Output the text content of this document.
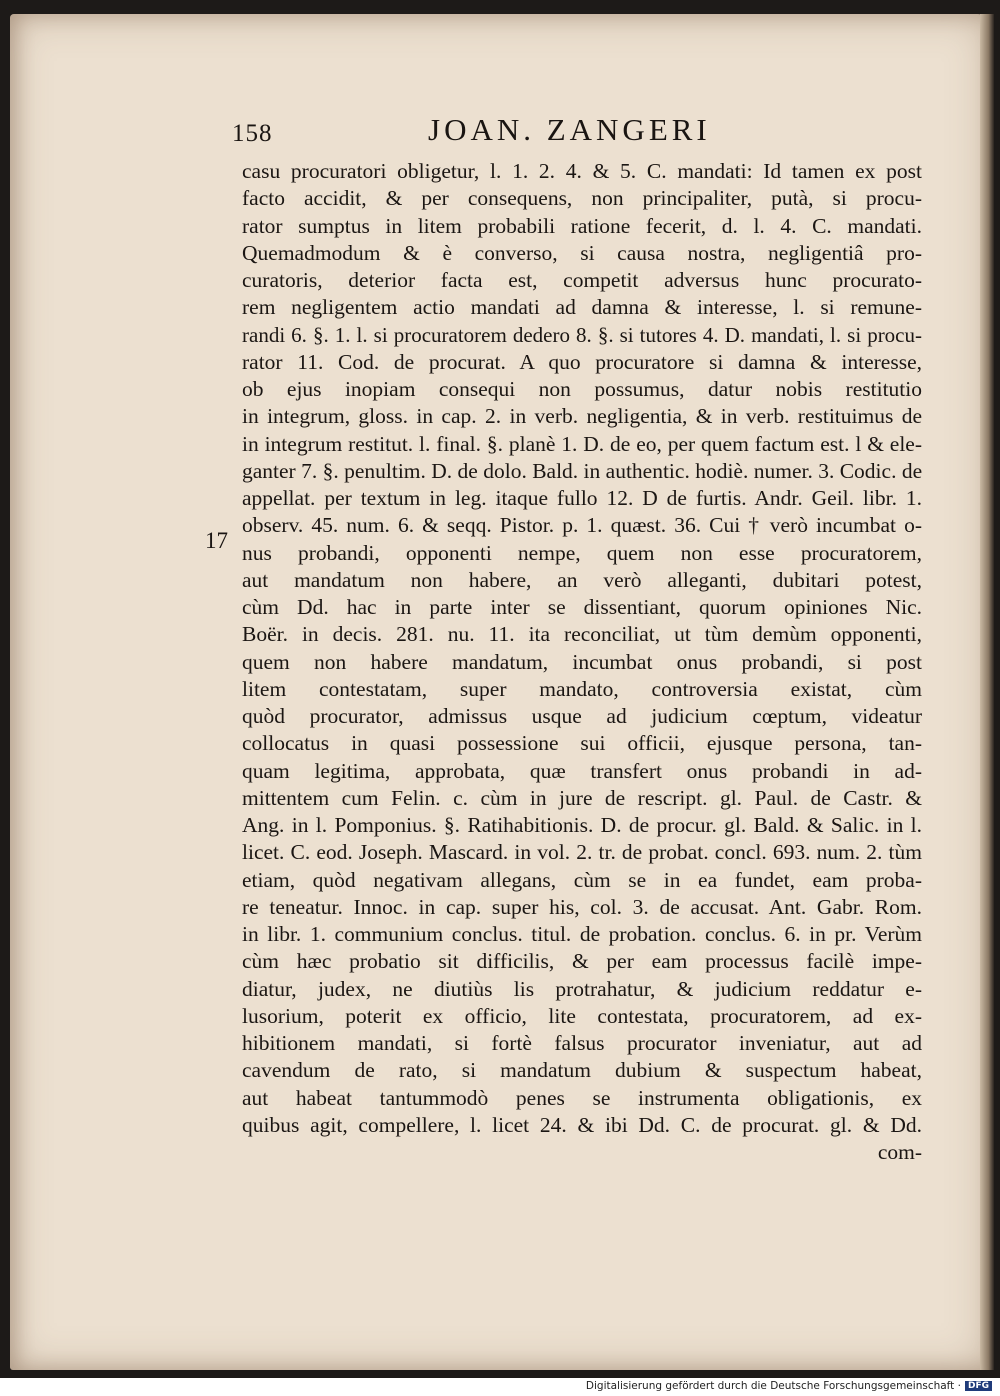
158	JOAN. ZANGERI
17
casu procuratori obligetur, l. 1. 2. 4. & 5. C. mandati: Id tamen ex post
facto accidit, & per consequens, non principaliter, putà, si procu-
rator sumptus in litem probabili ratione fecerit, d. l. 4. C. mandati.
Quemadmodum & è converso, si causa nostra, negligentiâ pro-
curatoris, deterior facta est, competit adversus hunc procurato-
rem negligentem actio mandati ad damna & interesse, l. si remune-
randi 6. §. 1. l. si procuratorem dedero 8. §. si tutores 4. D. mandati, l. si procu-
rator 11. Cod. de procurat. A quo procuratore si damna & interesse,
ob ejus inopiam consequi non possumus, datur nobis restitutio
in integrum, gloss. in cap. 2. in verb. negligentia, & in verb. restituimus de
in integrum restitut. l. final. §. planè 1. D. de eo, per quem factum est. l & ele-
ganter 7. §. penultim. D. de dolo. Bald. in authentic. hodiè. numer. 3. Codic. de
appellat. per textum in leg. itaque fullo 12. D de furtis. Andr. Geil. libr. 1.
observ. 45. num. 6. & seqq. Pistor. p. 1. quæst. 36. Cui † verò incumbat o-
nus probandi, opponenti nempe, quem non esse procuratorem,
aut mandatum non habere, an verò alleganti, dubitari potest,
cùm Dd. hac in parte inter se dissentiant, quorum opiniones Nic.
Boër. in decis. 281. nu. 11. ita reconciliat, ut tùm demùm opponenti,
quem non habere mandatum, incumbat onus probandi, si post
litem contestatam, super mandato, controversia existat, cùm
quòd procurator, admissus usque ad judicium cœptum, videatur
collocatus in quasi possessione sui officii, ejusque persona, tan-
quam legitima, approbata, quæ transfert onus probandi in ad-
mittentem cum Felin. c. cùm in jure de rescript. gl. Paul. de Castr. &
Ang. in l. Pomponius. §. Ratihabitionis. D. de procur. gl. Bald. & Salic. in l.
licet. C. eod. Joseph. Mascard. in vol. 2. tr. de probat. concl. 693. num. 2. tùm
etiam, quòd negativam allegans, cùm se in ea fundet, eam proba-
re teneatur. Innoc. in cap. super his, col. 3. de accusat. Ant. Gabr. Rom.
in libr. 1. communium conclus. titul. de probation. conclus. 6. in pr. Verùm
cùm hæc probatio sit difficilis, & per eam processus facilè impe-
diatur, judex, ne diutiùs lis protrahatur, & judicium reddatur e-
lusorium, poterit ex officio, lite contestata, procuratorem, ad ex-
hibitionem mandati, si fortè falsus procurator inveniatur, aut ad
cavendum de rato, si mandatum dubium & suspectum habeat,
aut habeat tantummodò penes se instrumenta obligationis, ex
quibus agit, compellere, l. licet 24. & ibi Dd. C. de procurat. gl. & Dd.
com-
Digitalisierung gefördert durch die Deutsche Forschungsgemeinschaft · DFG
